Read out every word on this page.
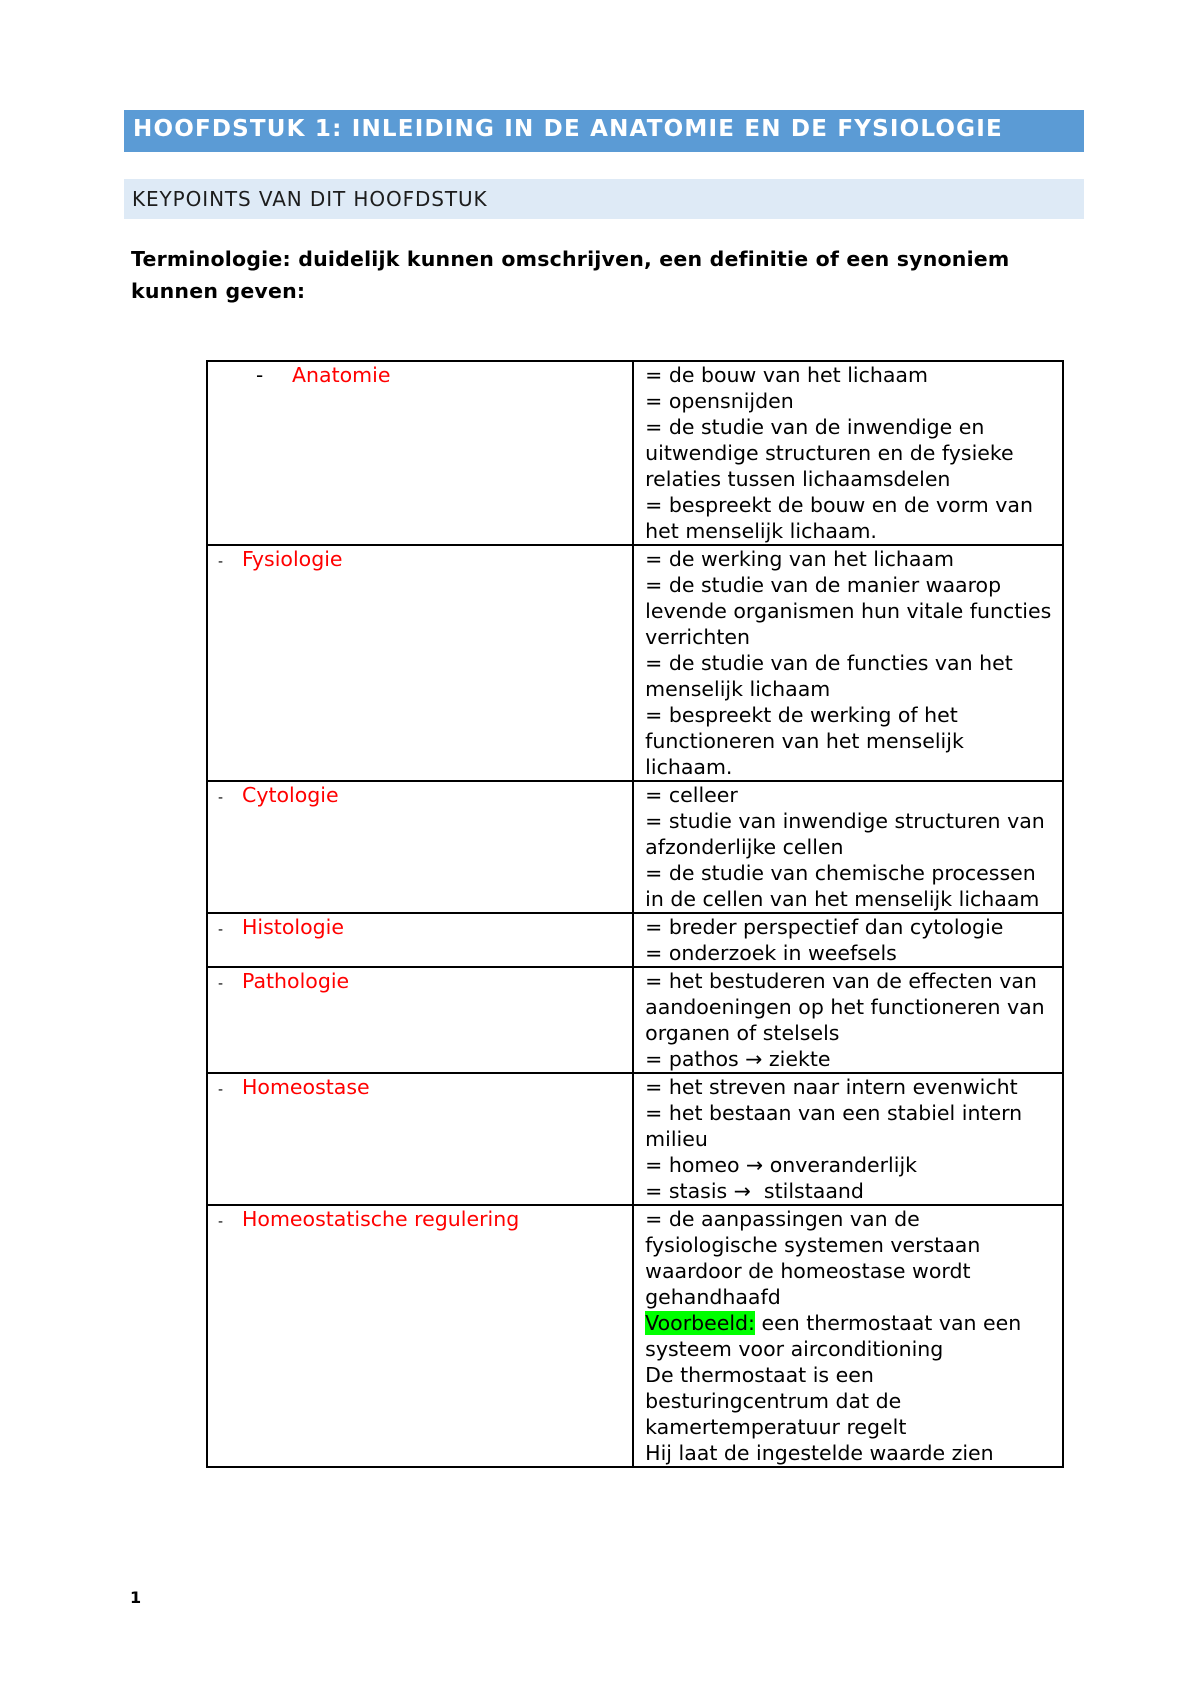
HOOFDSTUK 1: INLEIDING IN DE ANATOMIE EN DE FYSIOLOGIE
KEYPOINTS VAN DIT HOOFDSTUK
Terminologie: duidelijk kunnen omschrijven, een definitie of een synoniem kunnen geven:
- Anatomie	= de bouw van het lichaam
= opensnijden
= de studie van de inwendige en uitwendige structuren en de fysieke relaties tussen lichaamsdelen
= bespreekt de bouw en de vorm van het menselijk lichaam.

- Fysiologie	= de werking van het lichaam
= de studie van de manier waarop levende organismen hun vitale functies verrichten
= de studie van de functies van het menselijk lichaam
= bespreekt de werking of het functioneren van het menselijk lichaam.

- Cytologie	= celleer
= studie van inwendige structuren van afzonderlijke cellen
= de studie van chemische processen in de cellen van het menselijk lichaam

- Histologie	= breder perspectief dan cytologie
= onderzoek in weefsels

- Pathologie	= het bestuderen van de effecten van aandoeningen op het functioneren van organen of stelsels
= pathos → ziekte

- Homeostase	= het streven naar intern evenwicht
= het bestaan van een stabiel intern milieu
= homeo → onveranderlijk
= stasis →  stilstaand

- Homeostatische regulering	= de aanpassingen van de fysiologische systemen verstaan waardoor de homeostase wordt gehandhaafd
Voorbeeld: een thermostaat van een systeem voor airconditioning
De thermostaat is een besturingcentrum dat de kamertemperatuur regelt
Hij laat de ingestelde waarde zien
1
